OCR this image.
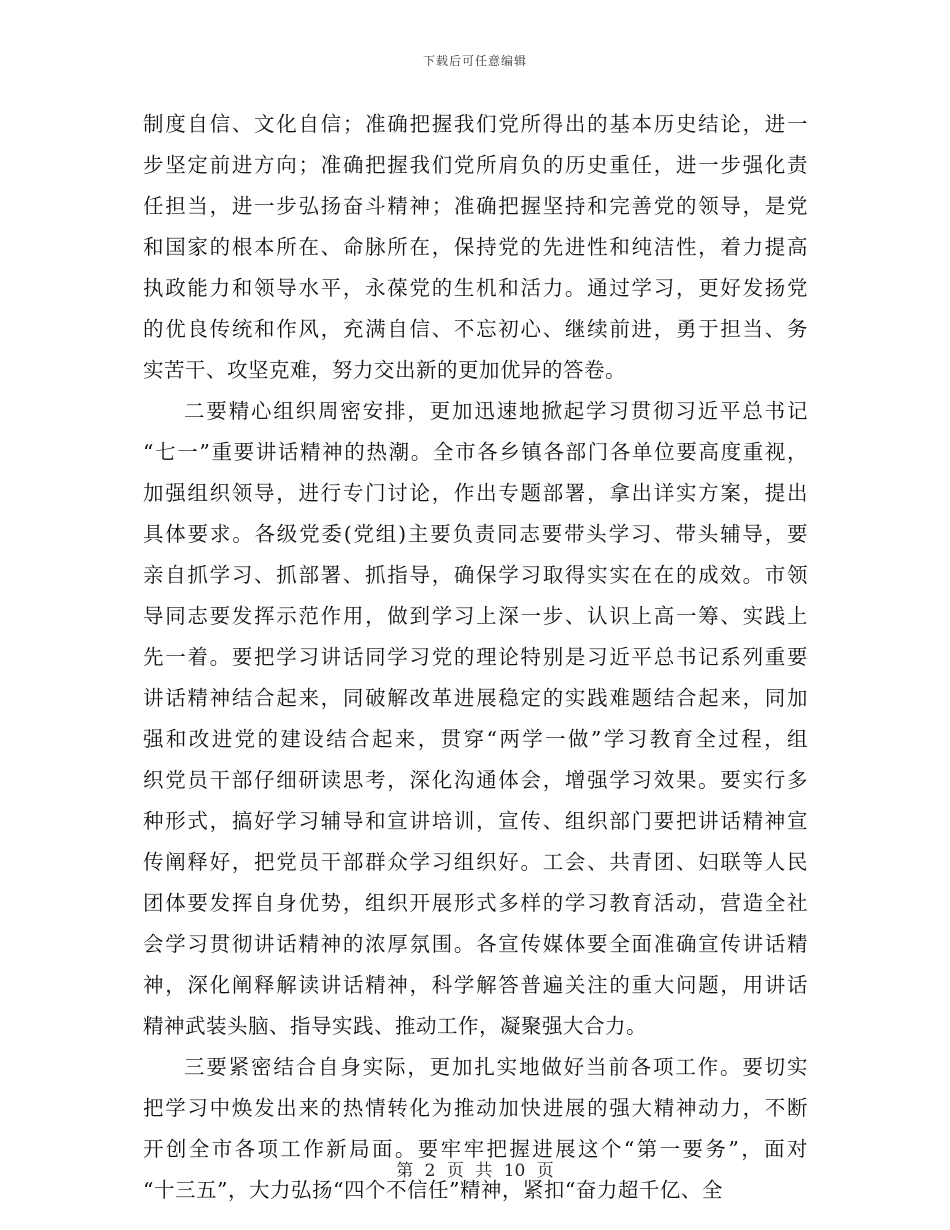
下载后可任意编辑
制度自信、文化自信；准确把握我们党所得出的基本历史结论，进一
步坚定前进方向；准确把握我们党所肩负的历史重任，进一步强化责
任担当，进一步弘扬奋斗精神；准确把握坚持和完善党的领导，是党
和国家的根本所在、命脉所在，保持党的先进性和纯洁性，着力提高
执政能力和领导水平，永葆党的生机和活力。通过学习，更好发扬党
的优良传统和作风，充满自信、不忘初心、继续前进，勇于担当、务
实苦干、攻坚克难，努力交出新的更加优异的答卷。
二要精心组织周密安排，更加迅速地掀起学习贯彻习近平总书记
“七一”重要讲话精神的热潮。全市各乡镇各部门各单位要高度重视，
加强组织领导，进行专门讨论，作出专题部署，拿出详实方案，提出
具体要求。各级党委(党组)主要负责同志要带头学习、带头辅导，要
亲自抓学习、抓部署、抓指导，确保学习取得实实在在的成效。市领
导同志要发挥示范作用，做到学习上深一步、认识上高一筹、实践上
先一着。要把学习讲话同学习党的理论特别是习近平总书记系列重要
讲话精神结合起来，同破解改革进展稳定的实践难题结合起来，同加
强和改进党的建设结合起来，贯穿“两学一做”学习教育全过程，组
织党员干部仔细研读思考，深化沟通体会，增强学习效果。要实行多
种形式，搞好学习辅导和宣讲培训，宣传、组织部门要把讲话精神宣
传阐释好，把党员干部群众学习组织好。工会、共青团、妇联等人民
团体要发挥自身优势，组织开展形式多样的学习教育活动，营造全社
会学习贯彻讲话精神的浓厚氛围。各宣传媒体要全面准确宣传讲话精
神，深化阐释解读讲话精神，科学解答普遍关注的重大问题，用讲话
精神武装头脑、指导实践、推动工作，凝聚强大合力。
三要紧密结合自身实际，更加扎实地做好当前各项工作。要切实
把学习中焕发出来的热情转化为推动加快进展的强大精神动力，不断
开创全市各项工作新局面。要牢牢把握进展这个“第一要务”，面对
“十三五”，大力弘扬“四个不信任”精神，紧扣“奋力超千亿、全
第 2 页 共 10 页
